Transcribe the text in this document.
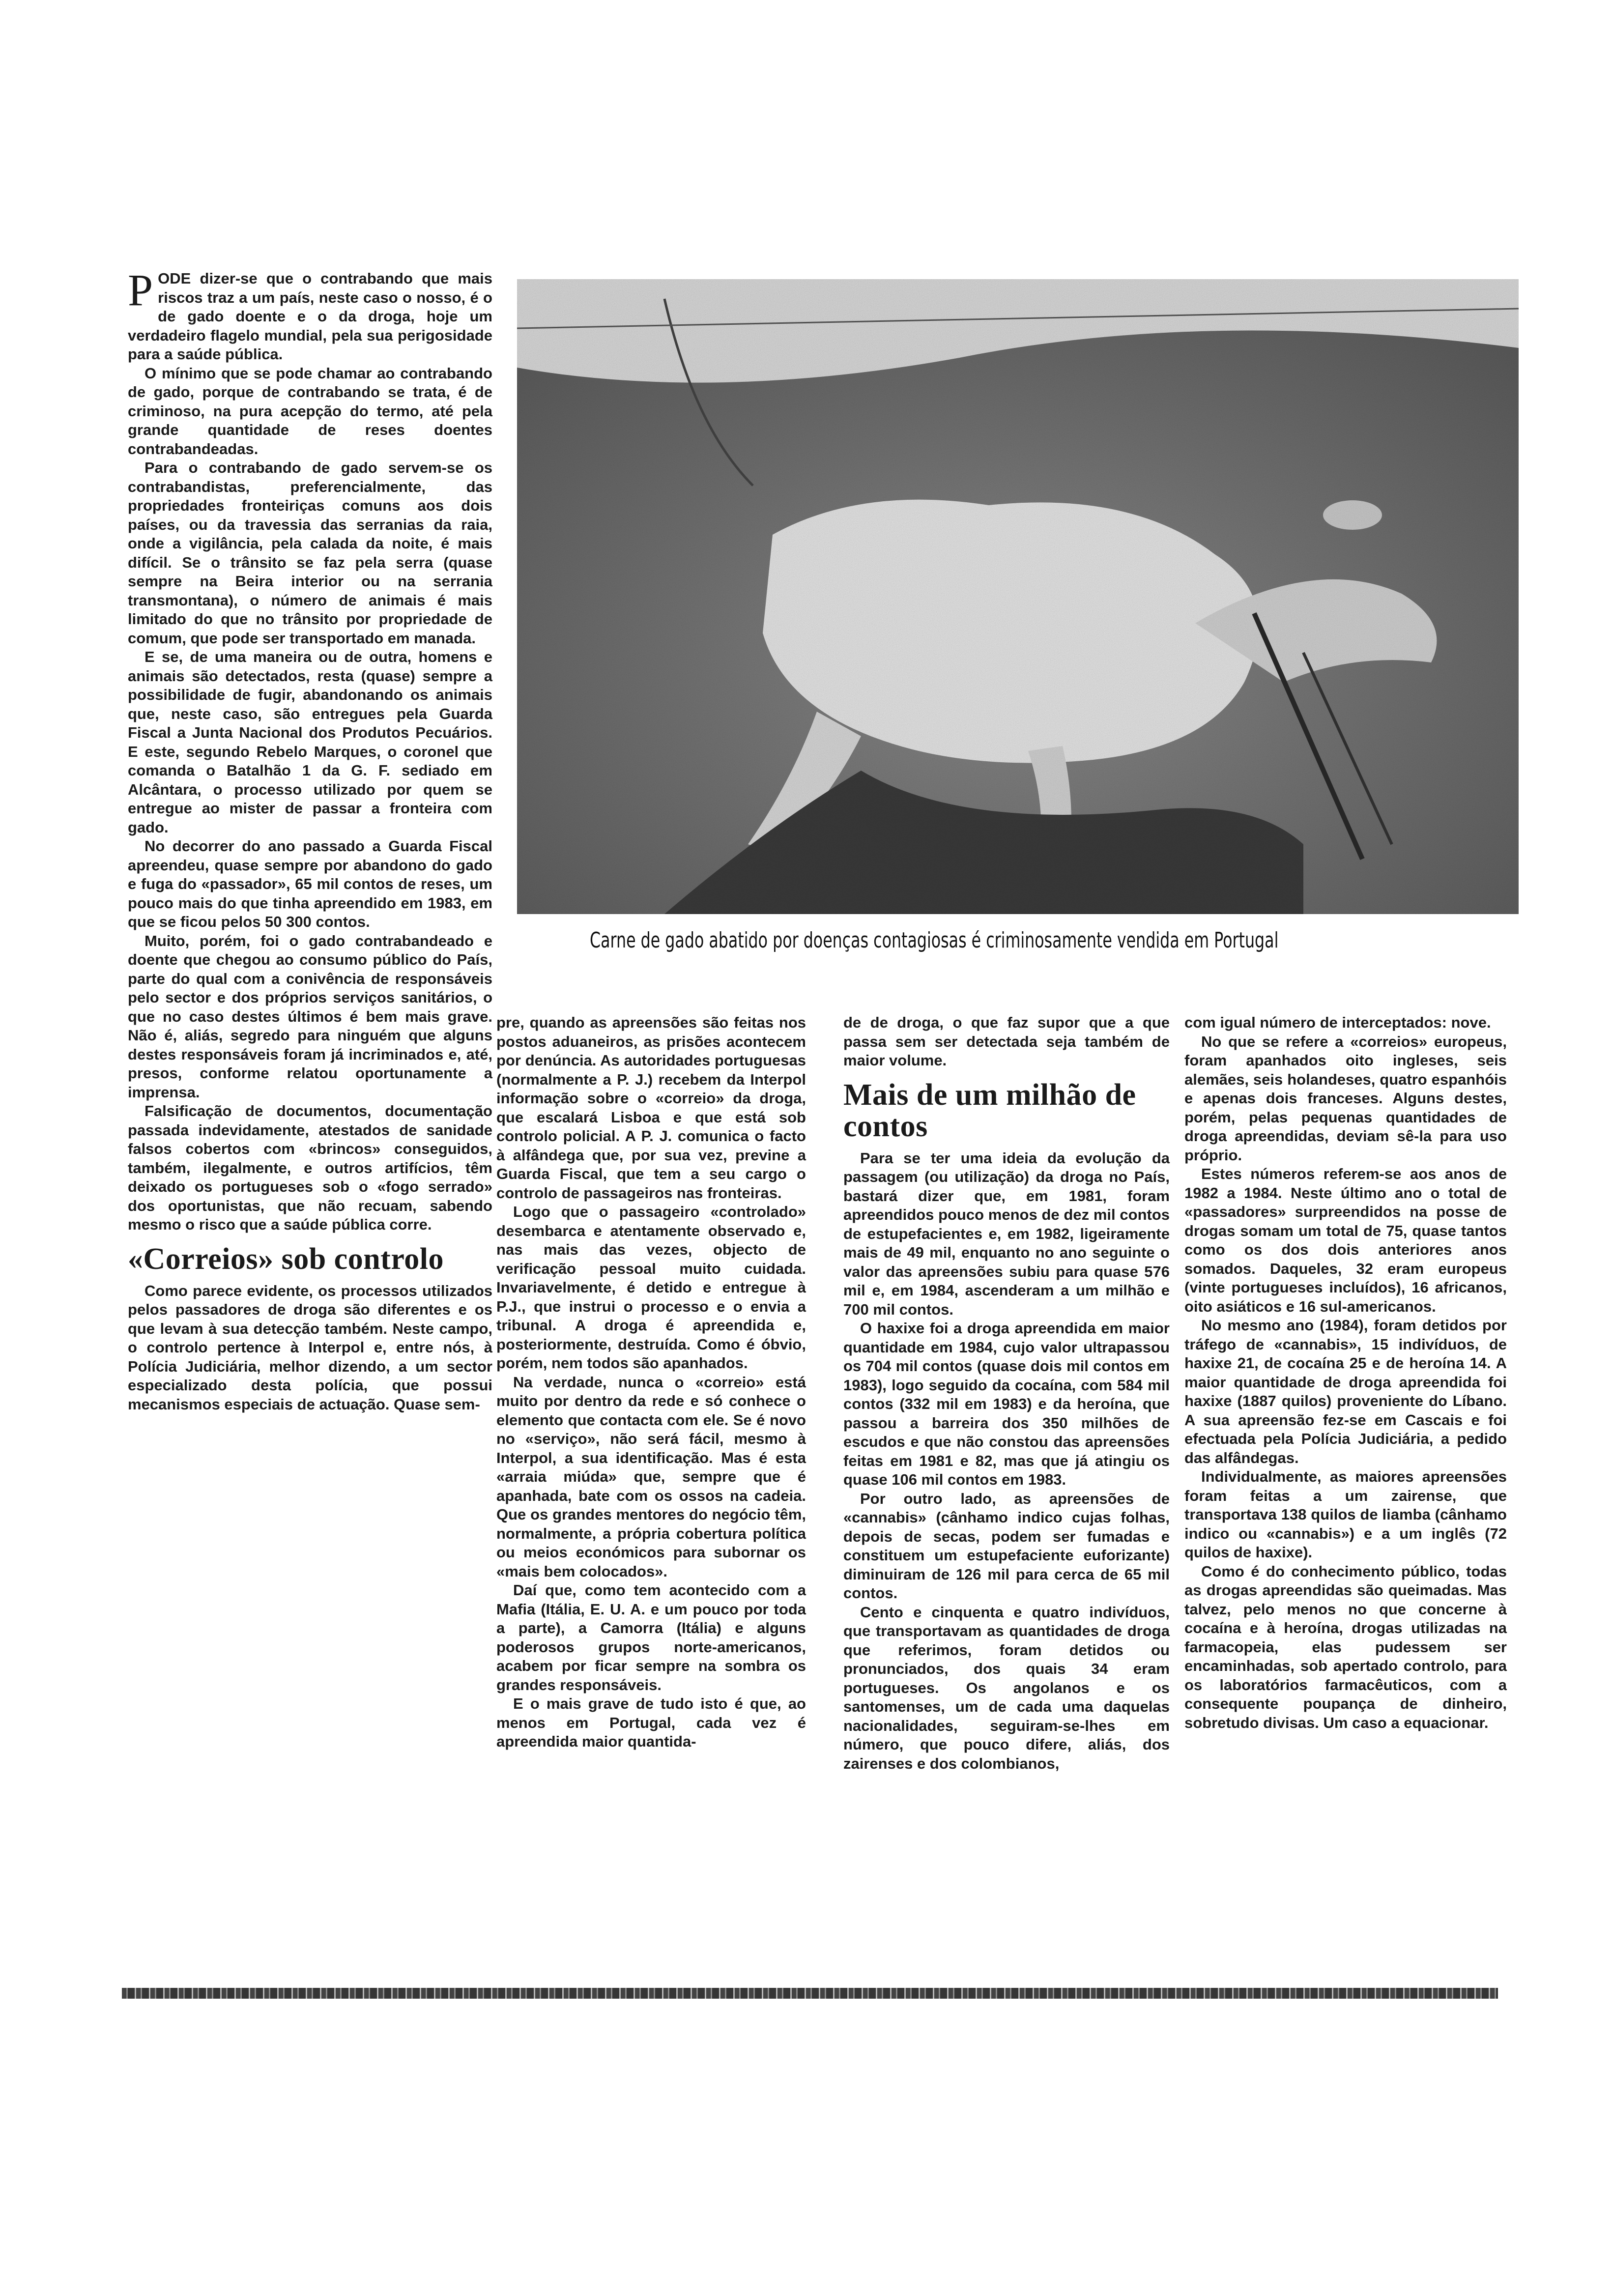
PODE dizer-se que o contrabando que mais riscos traz a um país, neste caso o nosso, é o de gado doente e o da droga, hoje um verdadeiro flagelo mundial, pela sua perigosidade para a saúde pública.

O mínimo que se pode chamar ao contrabando de gado, porque de contrabando se trata, é de criminoso, na pura acepção do termo, até pela grande quantidade de reses doentes contrabandeadas.

Para o contrabando de gado servem-se os contrabandistas, preferencialmente, das propriedades fronteiriças comuns aos dois países, ou da travessia das serranias da raia, onde a vigilância, pela calada da noite, é mais difícil. Se o trânsito se faz pela serra (quase sempre na Beira interior ou na serrania transmontana), o número de animais é mais limitado do que no trânsito por propriedade de comum, que pode ser transportado em manada.

E se, de uma maneira ou de outra, homens e animais são detectados, resta (quase) sempre a possibilidade de fugir, abandonando os animais que, neste caso, são entregues pela Guarda Fiscal a Junta Nacional dos Produtos Pecuários. E este, segundo Rebelo Marques, o coronel que comanda o Batalhão 1 da G. F. sediado em Alcântara, o processo utilizado por quem se entregue ao mister de passar a fronteira com gado.

No decorrer do ano passado a Guarda Fiscal apreendeu, quase sempre por abandono do gado e fuga do «passador», 65 mil contos de reses, um pouco mais do que tinha apreendido em 1983, em que se ficou pelos 50 300 contos.

Muito, porém, foi o gado contrabandeado e doente que chegou ao consumo público do País, parte do qual com a conivência de responsáveis pelo sector e dos próprios serviços sanitários, o que no caso destes últimos é bem mais grave. Não é, aliás, segredo para ninguém que alguns destes responsáveis foram já incriminados e, até, presos, conforme relatou oportunamente a imprensa.

Falsificação de documentos, documentação passada indevidamente, atestados de sanidade falsos cobertos com «brincos» conseguidos, também, ilegalmente, e outros artifícios, têm deixado os portugueses sob o «fogo serrado» dos oportunistas, que não recuam, sabendo mesmo o risco que a saúde pública corre.

«Correios» sob controlo

Como parece evidente, os processos utilizados pelos passadores de droga são diferentes e os que levam à sua detecção também. Neste campo, o controlo pertence à Interpol e, entre nós, à Polícia Judiciária, melhor dizendo, a um sector especializado desta polícia, que possui mecanismos especiais de actuação. Quase sem-

Carne de gado abatido por doenças contagiosas é criminosamente vendida em Portugal

pre, quando as apreensões são feitas nos postos aduaneiros, as prisões acontecem por denúncia. As autoridades portuguesas (normalmente a P. J.) recebem da Interpol informação sobre o «correio» da droga, que escalará Lisboa e que está sob controlo policial. A P. J. comunica o facto à alfândega que, por sua vez, previne a Guarda Fiscal, que tem a seu cargo o controlo de passageiros nas fronteiras.

Logo que o passageiro «controlado» desembarca e atentamente observado e, nas mais das vezes, objecto de verificação pessoal muito cuidada. Invariavelmente, é detido e entregue à P.J., que instrui o processo e o envia a tribunal. A droga é apreendida e, posteriormente, destruída. Como é óbvio, porém, nem todos são apanhados.

Na verdade, nunca o «correio» está muito por dentro da rede e só conhece o elemento que contacta com ele. Se é novo no «serviço», não será fácil, mesmo à Interpol, a sua identificação. Mas é esta «arraia miúda» que, sempre que é apanhada, bate com os ossos na cadeia. Que os grandes mentores do negócio têm, normalmente, a própria cobertura política ou meios económicos para subornar os «mais bem colocados».

Daí que, como tem acontecido com a Mafia (Itália, E. U. A. e um pouco por toda a parte), a Camorra (Itália) e alguns poderosos grupos norte-americanos, acabem por ficar sempre na sombra os grandes responsáveis.

E o mais grave de tudo isto é que, ao menos em Portugal, cada vez é apreendida maior quantida-

de de droga, o que faz supor que a que passa sem ser detectada seja também de maior volume.

Mais de um milhão de contos

Para se ter uma ideia da evolução da passagem (ou utilização) da droga no País, bastará dizer que, em 1981, foram apreendidos pouco menos de dez mil contos de estupefacientes e, em 1982, ligeiramente mais de 49 mil, enquanto no ano seguinte o valor das apreensões subiu para quase 576 mil e, em 1984, ascenderam a um milhão e 700 mil contos.

O haxixe foi a droga apreendida em maior quantidade em 1984, cujo valor ultrapassou os 704 mil contos (quase dois mil contos em 1983), logo seguido da cocaína, com 584 mil contos (332 mil em 1983) e da heroína, que passou a barreira dos 350 milhões de escudos e que não constou das apreensões feitas em 1981 e 82, mas que já atingiu os quase 106 mil contos em 1983.

Por outro lado, as apreensões de «cannabis» (cânhamo indico cujas folhas, depois de secas, podem ser fumadas e constituem um estupefaciente euforizante) diminuiram de 126 mil para cerca de 65 mil contos.

Cento e cinquenta e quatro indivíduos, que transportavam as quantidades de droga que referimos, foram detidos ou pronunciados, dos quais 34 eram portugueses. Os angolanos e os santomenses, um de cada uma daquelas nacionalidades, seguiram-se-lhes em número, que pouco difere, aliás, dos zairenses e dos colombianos,

com igual número de interceptados: nove.

No que se refere a «correios» europeus, foram apanhados oito ingleses, seis alemães, seis holandeses, quatro espanhóis e apenas dois franceses. Alguns destes, porém, pelas pequenas quantidades de droga apreendidas, deviam sê-la para uso próprio.

Estes números referem-se aos anos de 1982 a 1984. Neste último ano o total de «passadores» surpreendidos na posse de drogas somam um total de 75, quase tantos como os dos dois anteriores anos somados. Daqueles, 32 eram europeus (vinte portugueses incluídos), 16 africanos, oito asiáticos e 16 sul-americanos.

No mesmo ano (1984), foram detidos por tráfego de «cannabis», 15 indivíduos, de haxixe 21, de cocaína 25 e de heroína 14. A maior quantidade de droga apreendida foi haxixe (1887 quilos) proveniente do Líbano. A sua apreensão fez-se em Cascais e foi efectuada pela Polícia Judiciária, a pedido das alfândegas.

Individualmente, as maiores apreensões foram feitas a um zairense, que transportava 138 quilos de liamba (cânhamo indico ou «cannabis») e a um inglês (72 quilos de haxixe).

Como é do conhecimento público, todas as drogas apreendidas são queimadas. Mas talvez, pelo menos no que concerne à cocaína e à heroína, drogas utilizadas na farmacopeia, elas pudessem ser encaminhadas, sob apertado controlo, para os laboratórios farmacêuticos, com a consequente poupança de dinheiro, sobretudo divisas. Um caso a equacionar.
